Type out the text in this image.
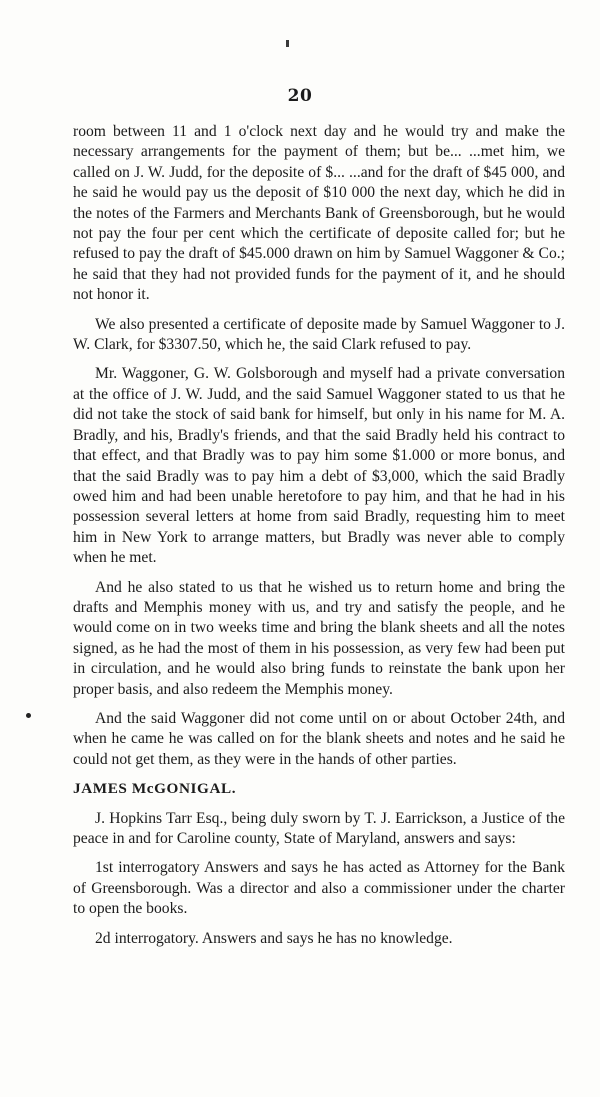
20

room between 11 and 1 o'clock next day and he would try and make the necessary arrangements for the payment of them; but be... ...met him, we called on J. W. Judd, for the deposite of $... ...and for the draft of $45 000, and he said he would pay us the deposit of $10 000 the next day, which he did in the notes of the Farmers and Merchants Bank of Greensborough, but he would not pay the four per cent which the certificate of deposite called for; but he refused to pay the draft of $45.000 drawn on him by Samuel Waggoner & Co.; he said that they had not provided funds for the payment of it, and he should not honor it.

We also presented a certificate of deposite made by Samuel Waggoner to J. W. Clark, for $3307.50, which he, the said Clark refused to pay.

Mr. Waggoner, G. W. Golsborough and myself had a private conversation at the office of J. W. Judd, and the said Samuel Waggoner stated to us that he did not take the stock of said bank for himself, but only in his name for M. A. Bradly, and his, Bradly's friends, and that the said Bradly held his contract to that effect, and that Bradly was to pay him some $1.000 or more bonus, and that the said Bradly was to pay him a debt of $3,000, which the said Bradly owed him and had been unable heretofore to pay him, and that he had in his possession several letters at home from said Bradly, requesting him to meet him in New York to arrange matters, but Bradly was never able to comply when he met.

And he also stated to us that he wished us to return home and bring the drafts and Memphis money with us, and try and satisfy the people, and he would come on in two weeks time and bring the blank sheets and all the notes signed, as he had the most of them in his possession, as very few had been put in circulation, and he would also bring funds to reinstate the bank upon her proper basis, and also redeem the Memphis money.

And the said Waggoner did not come until on or about October 24th, and when he came he was called on for the blank sheets and notes and he said he could not get them, as they were in the hands of other parties.

JAMES McGONIGAL.

J. Hopkins Tarr Esq., being duly sworn by T. J. Earrickson, a Justice of the peace in and for Caroline county, State of Maryland, answers and says:

1st interrogatory Answers and says he has acted as Attorney for the Bank of Greensborough. Was a director and also a commissioner under the charter to open the books.

2d interrogatory. Answers and says he has no knowledge.
